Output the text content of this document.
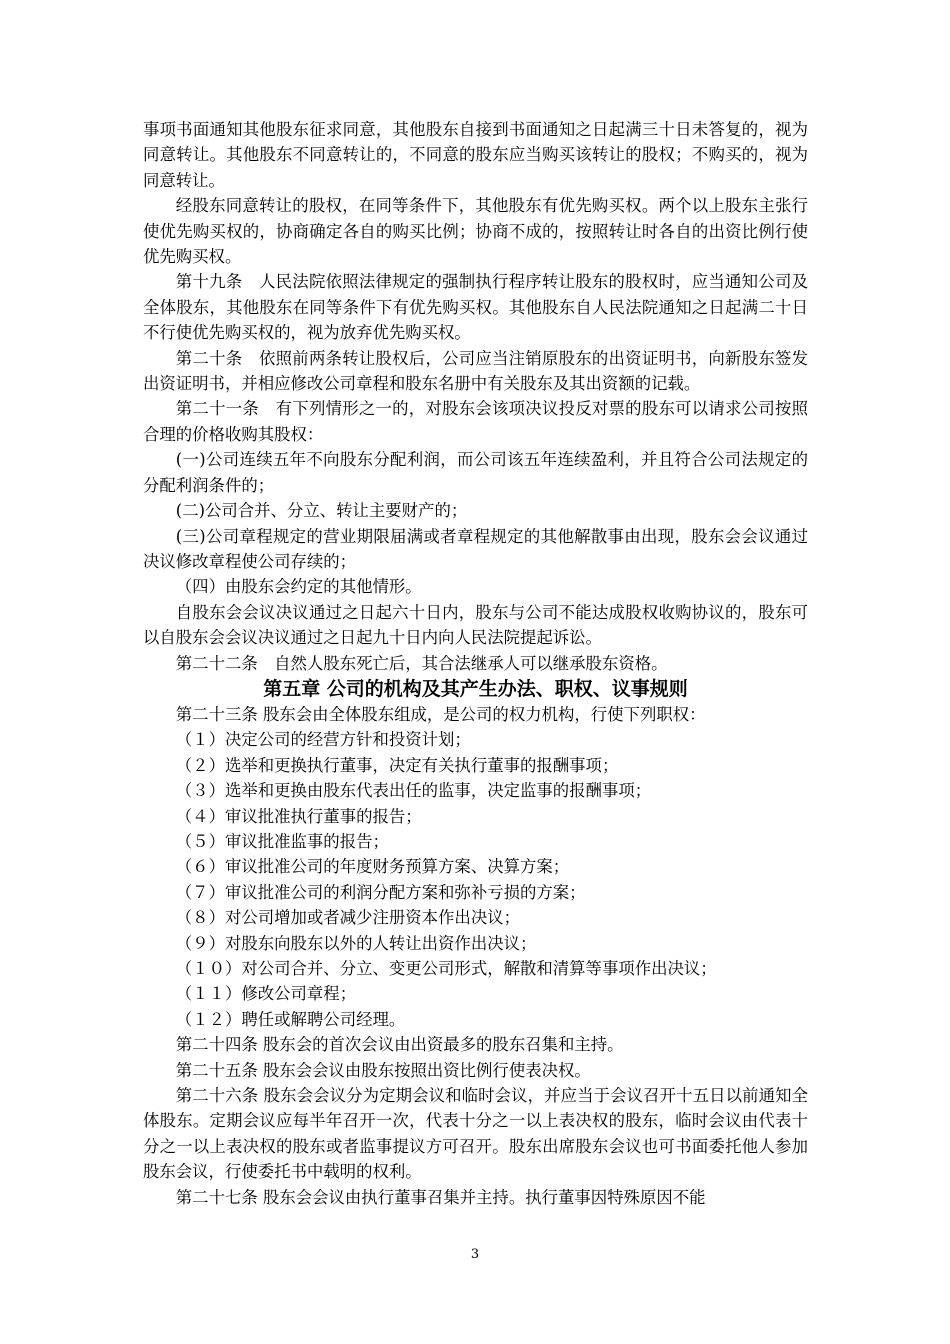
事项书面通知其他股东征求同意，其他股东自接到书面通知之日起满三十日未答复的，视为同意转让。其他股东不同意转让的，不同意的股东应当购买该转让的股权；不购买的，视为同意转让。

经股东同意转让的股权，在同等条件下，其他股东有优先购买权。两个以上股东主张行使优先购买权的，协商确定各自的购买比例；协商不成的，按照转让时各自的出资比例行使优先购买权。

第十九条　人民法院依照法律规定的强制执行程序转让股东的股权时，应当通知公司及全体股东，其他股东在同等条件下有优先购买权。其他股东自人民法院通知之日起满二十日不行使优先购买权的，视为放弃优先购买权。

第二十条　依照前两条转让股权后，公司应当注销原股东的出资证明书，向新股东签发出资证明书，并相应修改公司章程和股东名册中有关股东及其出资额的记载。

第二十一条　有下列情形之一的，对股东会该项决议投反对票的股东可以请求公司按照合理的价格收购其股权：

(一)公司连续五年不向股东分配利润，而公司该五年连续盈利，并且符合公司法规定的分配利润条件的；

(二)公司合并、分立、转让主要财产的；

(三)公司章程规定的营业期限届满或者章程规定的其他解散事由出现，股东会会议通过决议修改章程使公司存续的；

（四）由股东会约定的其他情形。

自股东会会议决议通过之日起六十日内，股东与公司不能达成股权收购协议的，股东可以自股东会会议决议通过之日起九十日内向人民法院提起诉讼。

第二十二条　自然人股东死亡后，其合法继承人可以继承股东资格。

第五章 公司的机构及其产生办法、职权、议事规则

第二十三条 股东会由全体股东组成，是公司的权力机构，行使下列职权：

（１）决定公司的经营方针和投资计划；

（２）选举和更换执行董事，决定有关执行董事的报酬事项；

（３）选举和更换由股东代表出任的监事，决定监事的报酬事项；

（４）审议批准执行董事的报告；

（５）审议批准监事的报告；

（６）审议批准公司的年度财务预算方案、决算方案；

（７）审议批准公司的利润分配方案和弥补亏损的方案；

（８）对公司增加或者减少注册资本作出决议；

（９）对股东向股东以外的人转让出资作出决议；

（１０）对公司合并、分立、变更公司形式，解散和清算等事项作出决议；

（１１）修改公司章程；

（１２）聘任或解聘公司经理。

第二十四条 股东会的首次会议由出资最多的股东召集和主持。

第二十五条 股东会会议由股东按照出资比例行使表决权。

第二十六条 股东会会议分为定期会议和临时会议，并应当于会议召开十五日以前通知全体股东。定期会议应每半年召开一次，代表十分之一以上表决权的股东，临时会议由代表十分之一以上表决权的股东或者监事提议方可召开。股东出席股东会议也可书面委托他人参加股东会议，行使委托书中载明的权利。

第二十七条 股东会会议由执行董事召集并主持。执行董事因特殊原因不能

3
